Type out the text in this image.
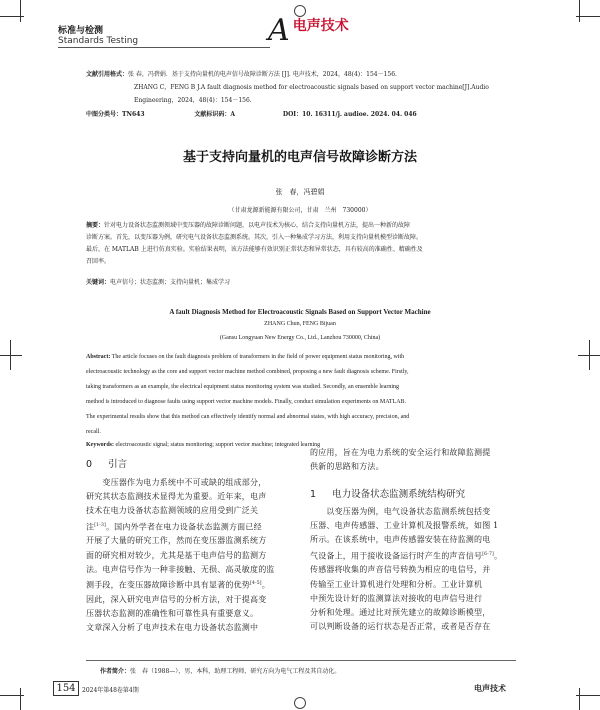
标准与检测
Standards Testing	A 电声技术
文献引用格式：张 春，冯碧娟．基于支持向量机的电声信号故障诊断方法 [J]. 电声技术，2024，48(4)：154－156.
ZHANG C，FENG B J.A fault diagnosis method for electroacoustic signals based on support vector machine[J].Audio
Engineering，2024，48(4)：154－156.
中图分类号：TN643	文献标识码：A	DOI：10. 16311/j. audioe. 2024. 04. 046
基于支持向量机的电声信号故障诊断方法
张　春，冯碧娟
（甘肃龙源新能源有限公司，甘肃　兰州　730000）
摘要：针对电力设备状态监测领域中变压器的故障诊断问题，以电声技术为核心，结合支持向量机方法，提出一种新的故障
诊断方案。首先，以变压器为例，研究电气设备状态监测系统。其次，引入一种集成学习方法，利用支持向量机模型诊断故障。
最后，在 MATLAB 上进行仿真实验。实验结果表明，该方法能够有效识别正常状态和异常状态，具有较高的准确性、精确性及
召回率。
关键词：电声信号；状态监测；支持向量机；集成学习
A fault Diagnosis Method for Electroacoustic Signals Based on Support Vector Machine
ZHANG Chun, FENG Bijuan
(Gansu Longyuan New Energy Co., Ltd., Lanzhou 730000, China)
Abstract: The article focuses on the fault diagnosis problem of transformers in the field of power equipment status monitoring, with
electroacoustic technology as the core and support vector machine method combined, proposing a new fault diagnosis scheme. Firstly,
taking transformers as an example, the electrical equipment status monitoring system was studied. Secondly, an ensemble learning
method is introduced to diagnose faults using support vector machine models. Finally, conduct simulation experiments on MATLAB.
The experimental results show that this method can effectively identify normal and abnormal states, with high accuracy, precision, and
recall.
Keywords: electroacoustic signal; status monitoring; support vector machine; integrated learning
0 引言
　　变压器作为电力系统中不可或缺的组成部分，
研究其状态监测技术显得尤为重要。近年来，电声
技术在电力设备状态监测领域的应用受到广泛关
注[1-3]。国内外学者在电力设备状态监测方面已经
开展了大量的研究工作，然而在变压器监测系统方
面的研究相对较少，尤其是基于电声信号的监测方
法。电声信号作为一种非接触、无损、高灵敏度的监
测手段，在变压器故障诊断中具有显著的优势[4-5]。
因此，深入研究电声信号的分析方法，对于提高变
压器状态监测的准确性和可靠性具有重要意义。
文章深入分析了电声技术在电力设备状态监测中
的应用，旨在为电力系统的安全运行和故障监测提
供新的思路和方法。
1 电力设备状态监测系统结构研究
　　以变压器为例，电气设备状态监测系统包括变
压器、电声传感器、工业计算机及报警系统，如图 1
所示。在该系统中，电声传感器安装在待监测的电
气设备上，用于接收设备运行时产生的声音信号[6-7]。
传感器将收集的声音信号转换为相应的电信号，并
传输至工业计算机进行处理和分析。工业计算机
中预先设计好的监测算法对接收的电声信号进行
分析和处理。通过比对预先建立的故障诊断模型，
可以判断设备的运行状态是否正常，或者是否存在
作者简介：张　春（1988—），男，本科，助理工程师，研究方向为电气工程及其自动化。
154	2024年第48卷第4期	电声技术
